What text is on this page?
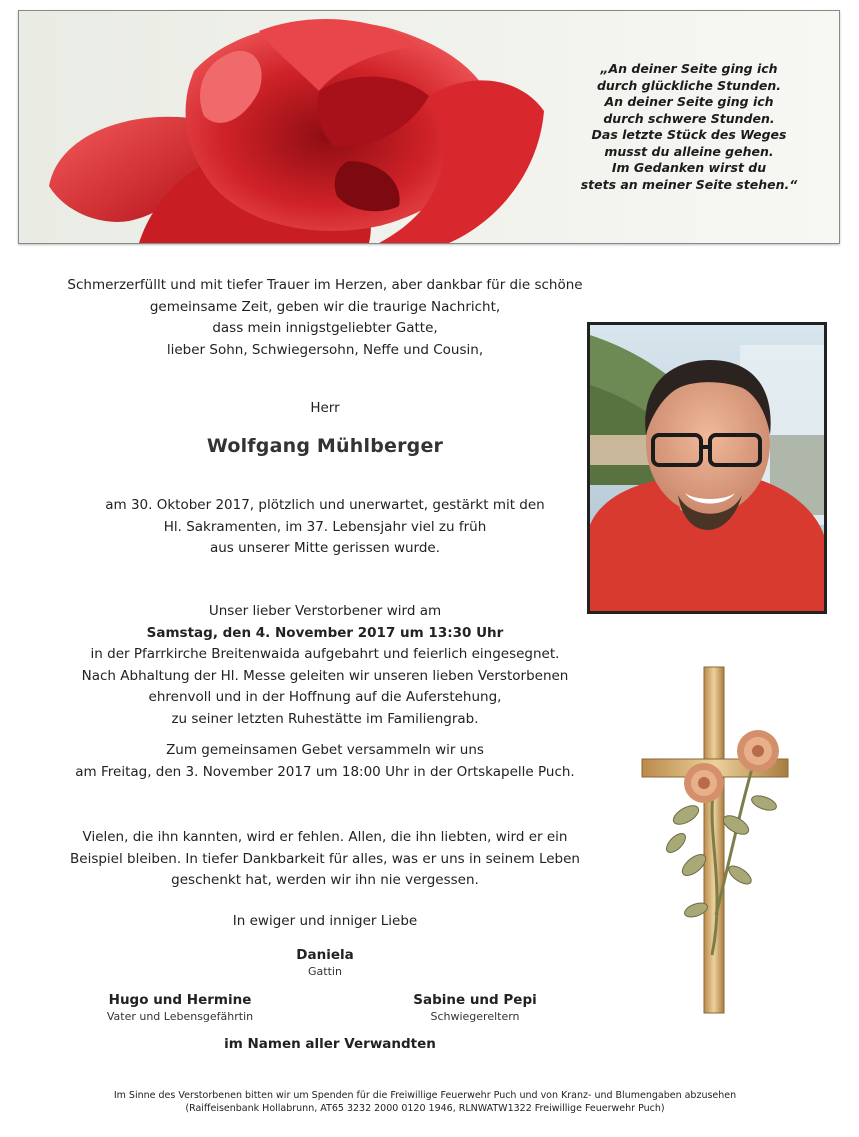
„An deiner Seite ging ich
durch glückliche Stunden.
An deiner Seite ging ich
durch schwere Stunden.
Das letzte Stück des Weges
musst du alleine gehen.
Im Gedanken wirst du
stets an meiner Seite stehen.“
Schmerzerfüllt und mit tiefer Trauer im Herzen, aber dankbar für die schöne
gemeinsame Zeit, geben wir die traurige Nachricht,
dass mein innigstgeliebter Gatte,
lieber Sohn, Schwiegersohn, Neffe und Cousin,
Herr
Wolfgang Mühlberger
am 30. Oktober 2017, plötzlich und unerwartet, gestärkt mit den
Hl. Sakramenten, im 37. Lebensjahr viel zu früh
aus unserer Mitte gerissen wurde.
Unser lieber Verstorbener wird am
Samstag, den 4. November 2017 um 13:30 Uhr
in der Pfarrkirche Breitenwaida aufgebahrt und feierlich eingesegnet.
Nach Abhaltung der Hl. Messe geleiten wir unseren lieben Verstorbenen
ehrenvoll und in der Hoffnung auf die Auferstehung,
zu seiner letzten Ruhestätte im Familiengrab.
Zum gemeinsamen Gebet versammeln wir uns
am Freitag, den 3. November 2017 um 18:00 Uhr in der Ortskapelle Puch.
Vielen, die ihn kannten, wird er fehlen. Allen, die ihn liebten, wird er ein
Beispiel bleiben. In tiefer Dankbarkeit für alles, was er uns in seinem Leben
geschenkt hat, werden wir ihn nie vergessen.
In ewiger und inniger Liebe
Daniela
Gattin
Hugo und Hermine
Vater und Lebensgefährtin
Sabine und Pepi
Schwiegereltern
im Namen aller Verwandten
Im Sinne des Verstorbenen bitten wir um Spenden für die Freiwillige Feuerwehr Puch und von Kranz- und Blumengaben abzusehen
(Raiffeisenbank Hollabrunn, AT65 3232 2000 0120 1946, RLNWATW1322 Freiwillige Feuerwehr Puch)
